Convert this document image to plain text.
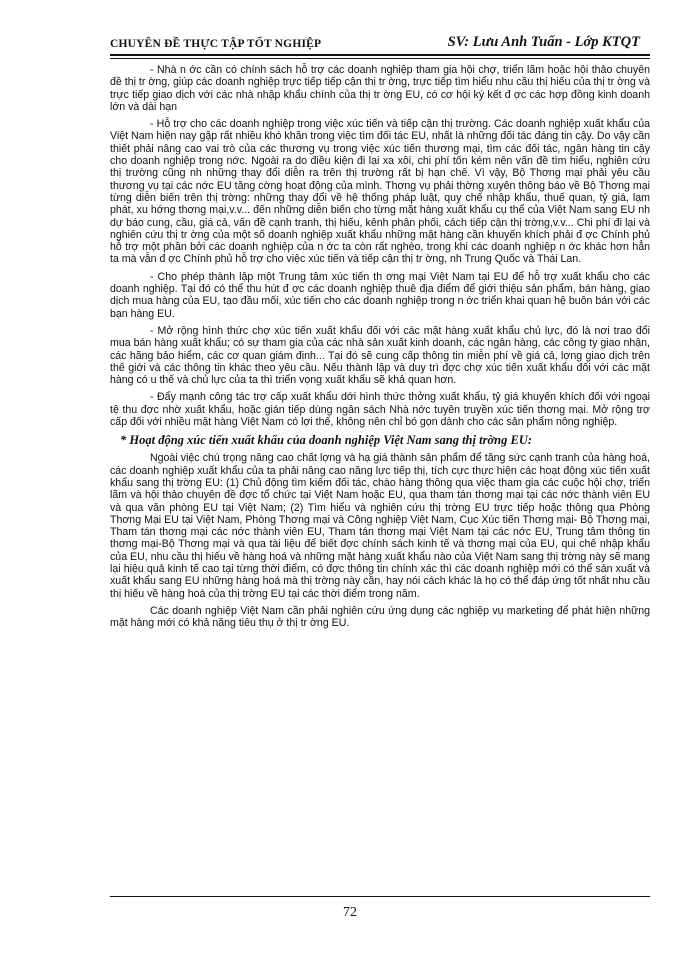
CHUYÊN ĐỀ THỰC TẬP TỐT NGHIỆP	SV: Lưu Anh Tuấn - Lớp KTQT

- Nhà n ớc cần có chính sách hỗ trợ các doanh nghiệp tham gia hội chợ, triển lãm hoặc hội thảo chuyên đề thị tr ờng, giúp các doanh nghiệp trực tiếp tiếp cận thị tr ờng, trực tiếp tìm hiểu nhu cầu thị hiếu của thị tr ờng và trực tiếp giao dịch với các nhà nhập khẩu chính của thị tr ờng EU, có cơ hội ký kết đ ợc các hợp đồng kinh doanh lớn và dài hạn

- Hỗ trợ cho các doanh nghiệp trong việc xúc tiến và tiếp cận thị trường. Các doanh nghiệp xuất khẩu của Việt Nam hiện nay gặp rất nhiều khó khăn trong việc tìm đối tác EU, nhất là những đối tác đáng tin cậy. Do vậy cần thiết phải nâng cao vai trò của các thương vụ trong việc xúc tiến thương mại, tìm các đối tác, ngân hàng tin cậy cho doanh nghiệp trong nớc. Ngoài ra do điều kiện đi lại xa xôi, chi phí tốn kém nên vấn đề tìm hiểu, nghiên cứu thị trường cũng nh những thay đổi diễn ra trên thị trường rất bị hạn chế. Vì vậy, Bộ Thơng mại phải yêu cầu thương vụ tại các nớc EU tăng cờng hoạt động của mình. Thơng vụ phải thờng xuyên thông báo về Bộ Thơng mại từng diễn biến trên thị trờng: những thay đổi về hệ thống pháp luật, quy chế nhập khẩu, thuế quan, tỷ giá, lạm phát, xu hớng thơng mại,v.v... đến những diễn biến cho từng mặt hàng xuất khẩu cụ thể của Việt Nam sang EU nh dự báo cung, cầu, giá cả, vấn đề cạnh tranh, thị hiếu, kênh phân phối, cách tiếp cận thị trờng,v.v... Chi phí đi lại và nghiên cứu thị tr ờng của một số doanh nghiệp xuất khẩu những mặt hàng cần khuyến khích phải đ ợc Chính phủ hỗ trợ một phần bởi các doanh nghiệp của n ớc ta còn rất nghèo, trong khi các doanh nghiệp n ớc khác hơn hẳn ta mà vẫn đ ợc Chính phủ hỗ trợ cho việc xúc tiến và tiếp cận thị tr ờng, nh Trung Quốc và Thái Lan.

- Cho phép thành lập một Trung tâm xúc tiến th ơng mại Việt Nam tại EU để hỗ trợ xuất khẩu cho các doanh nghiệp. Tại đó có thể thu hút đ ợc các doanh nghiệp thuê địa điểm để giới thiệu sản phẩm, bán hàng, giao dịch mua hàng của EU, tạo đầu mối, xúc tiến cho các doanh nghiệp trong n ớc triển khai quan hệ buôn bán với các bạn hàng EU.

- Mở rộng hình thức chợ xúc tiến xuất khẩu đối với các mặt hàng xuất khẩu chủ lực, đó là nơi trao đổi mua bán hàng xuất khẩu; có sự tham gia của các nhà sản xuất kinh doanh, các ngân hàng, các công ty giao nhận, các hãng bảo hiểm, các cơ quan giám định... Tại đó sẽ cung cấp thông tin miễn phí về giá cả, lợng giao dịch trên thế giới và các thông tin khác theo yêu cầu. Nếu thành lập và duy trì đợc chợ xúc tiến xuất khẩu đối với các mặt hàng có u thế và chủ lực của ta thì triển vọng xuất khẩu sẽ khả quan hơn.

- Đẩy mạnh công tác trợ cấp xuất khẩu dới hình thức thởng xuất khẩu, tỷ giá khuyến khích đối với ngoại tệ thu đợc nhờ xuất khẩu, hoặc gián tiếp dùng ngân sách Nhà nớc tuyên truyền xúc tiến thơng mại. Mở rộng trợ cấp đối với nhiều mặt hàng Việt Nam có lợi thế, không nên chỉ bó gọn dành cho các sản phẩm nông nghiệp.

* Hoạt động xúc tiến xuất khẩu của doanh nghiệp Việt Nam sang thị trờng EU:

Ngoài việc chú trọng nâng cao chất lợng và hạ giá thành sản phẩm để tăng sức cạnh tranh của hàng hoá, các doanh nghiệp xuất khẩu của ta phải nâng cao năng lực tiếp thị, tích cực thực hiện các hoạt động xúc tiến xuất khẩu sang thị trờng EU: (1) Chủ động tìm kiếm đối tác, chào hàng thông qua việc tham gia các cuộc hội chợ, triển lãm và hội thảo chuyên đề đợc tổ chức tại Việt Nam hoặc EU, qua tham tán thơng mại tại các nớc thành viên EU và qua văn phòng EU tại Việt Nam; (2) Tìm hiểu và nghiên cứu thị trờng EU trực tiếp hoặc thông qua Phòng Thơng Mại EU tại Việt Nam, Phòng Thơng mại và Công nghiệp Việt Nam, Cục Xúc tiến Thơng mại- Bộ Thơng mại, Tham tán thơng mại các nớc thành viên EU, Tham tán thơng mại Việt Nam tại các nớc EU, Trung tâm thông tin thơng mại-Bộ Thơng mại và qua tài liệu để biết đợc chính sách kinh tế và thơng mại của EU, qui chế nhập khẩu của EU, nhu cầu thị hiếu về hàng hoá và những mặt hàng xuất khẩu nào của Việt Nam sang thị trờng này sẽ mang lại hiệu quả kinh tế cao tại từng thời điểm, có đợc thông tin chính xác thì các doanh nghiệp mới có thể sản xuất và xuất khẩu sang EU những hàng hoá mà thị trờng này cần, hay nói cách khác là họ có thể đáp ứng tốt nhất nhu cầu thị hiếu về hàng hoá của thị trờng EU tại các thời điểm trong năm.

Các doanh nghiệp Việt Nam cần phải nghiên cứu ứng dụng các nghiệp vụ marketing để phát hiện những mặt hàng mới có khả năng tiêu thụ ở thị tr ờng EU.

72
